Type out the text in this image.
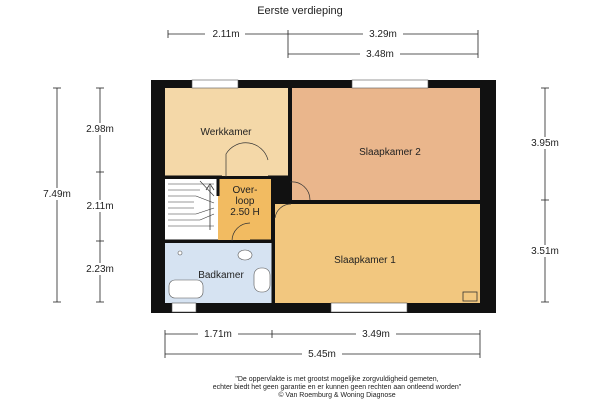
Eerste verdieping
2.11m	3.29m
3.48m
7.49m
2.98m
2.11m
2.23m
3.95m
3.51m
1.71m	3.49m
5.45m
Werkkamer
Slaapkamer 2
Over-
loop
2.50 H
Slaapkamer 1
Badkamer
"De oppervlakte is met grootst mogelijke zorgvuldigheid gemeten,
echter biedt het geen garantie en er kunnen geen rechten aan ontleend worden"
© Van Roemburg & Woning Diagnose
